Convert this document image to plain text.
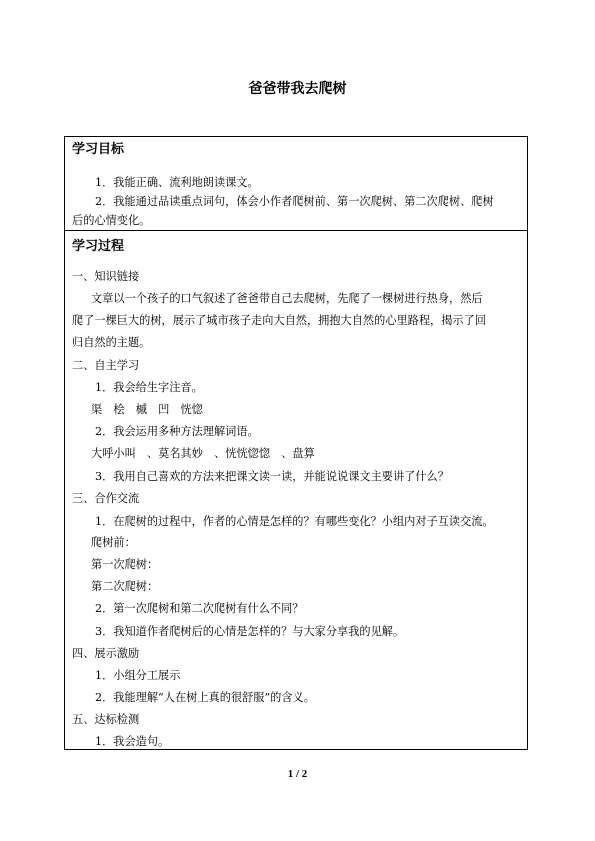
爸爸带我去爬树
学习目标
1．我能正确、流利地朗读课文。
2．我能通过品读重点词句，体会小作者爬树前、第一次爬树、第二次爬树、爬树
后的心情变化。
学习过程
一、知识链接
文章以一个孩子的口气叙述了爸爸带自己去爬树，先爬了一棵树进行热身，然后
爬了一棵巨大的树，展示了城市孩子走向大自然，拥抱大自然的心里路程，揭示了回
归自然的主题。
二、自主学习
1．我会给生字注音。
渠　桧　槭　凹　恍惚
2．我会运用多种方法理解词语。
大呼小叫　、莫名其妙　、恍恍惚惚　、盘算
3．我用自己喜欢的方法来把课文读一读，并能说说课文主要讲了什么？
三、合作交流
1．在爬树的过程中，作者的心情是怎样的？有哪些变化？小组内对子互读交流。
爬树前：
第一次爬树：
第二次爬树：
2．第一次爬树和第二次爬树有什么不同？
3．我知道作者爬树后的心情是怎样的？与大家分享我的见解。
四、展示激励
1．小组分工展示
2．我能理解“人在树上真的很舒服”的含义。
五、达标检测
1．我会造句。
1 / 2
